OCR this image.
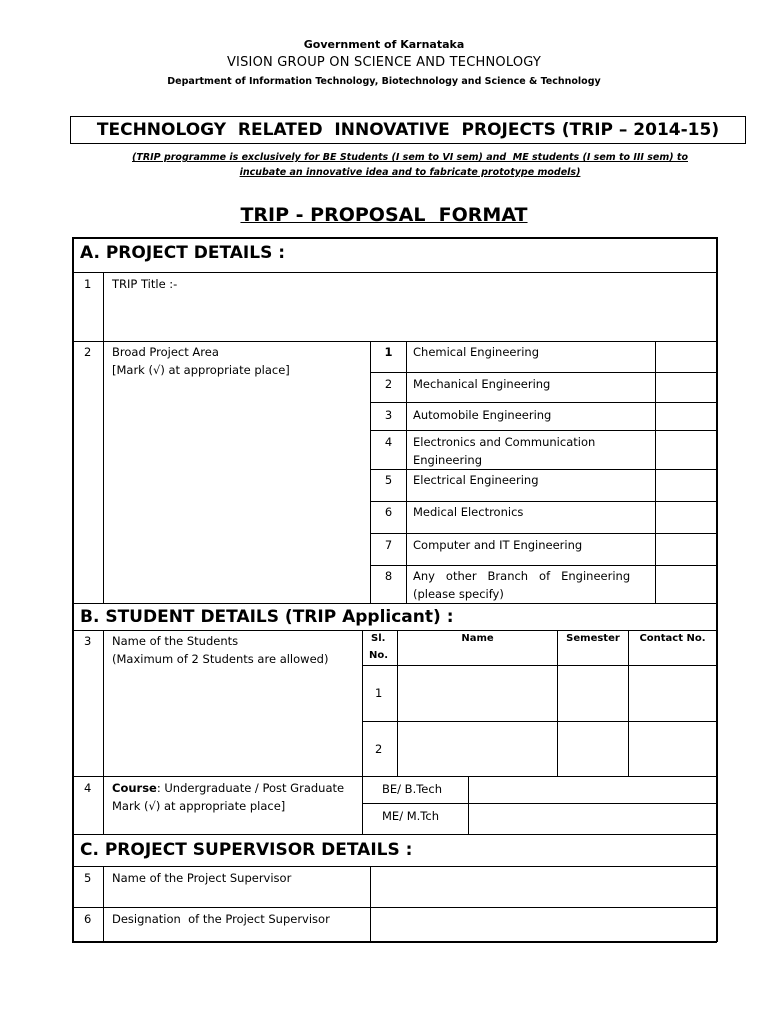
Government of Karnataka
VISION GROUP ON SCIENCE AND TECHNOLOGY
Department of Information Technology, Biotechnology and Science & Technology
TECHNOLOGY  RELATED  INNOVATIVE  PROJECTS (TRIP – 2014-15)
(TRIP programme is exclusively for BE Students (I sem to VI sem) and  ME students (I sem to III sem) to
incubate an innovative idea and to fabricate prototype models)
TRIP - PROPOSAL  FORMAT
A. PROJECT DETAILS :
1 TRIP Title :-
2 Broad Project Area
[Mark (√) at appropriate place]
1	Chemical Engineering
2	Mechanical Engineering
3	Automobile Engineering
4	Electronics and Communication
Engineering
5	Electrical Engineering
6	Medical Electronics
7	Computer and IT Engineering
8	Any   other   Branch   of   Engineering
(please specify)
B. STUDENT DETAILS (TRIP Applicant) :
3 Name of the Students
(Maximum of 2 Students are allowed)
Sl.
No.
Name	Semester	Contact No.
1
2
4 Course: Undergraduate / Post Graduate
Mark (√) at appropriate place]
BE/ B.Tech
ME/ M.Tch
C. PROJECT SUPERVISOR DETAILS :
5 Name of the Project Supervisor
6 Designation  of the Project Supervisor
